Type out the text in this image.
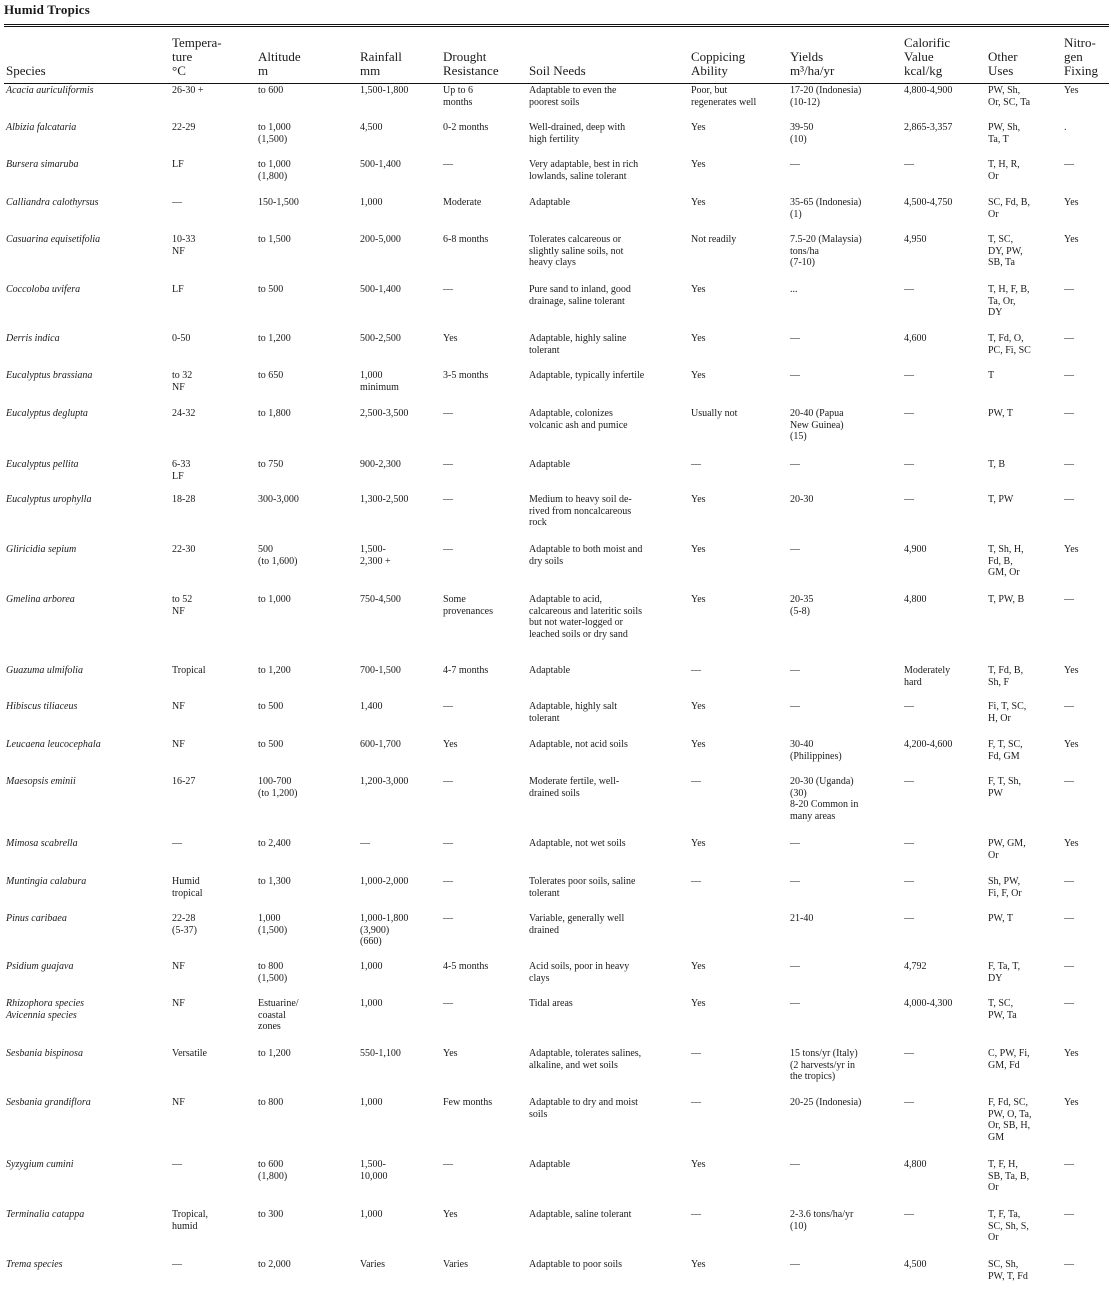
Humid Tropics
Species	Tempera-
ture
°C	Altitude
m	Rainfall
mm	Drought
Resistance	Soil Needs	Coppicing
Ability	Yields
m³/ha/yr	Calorific
Value
kcal/kg	Other
Uses	Nitro-
gen
Fixing
Acacia auriculiformis	26-30 +	to 600	1,500-1,800	Up to 6
months	Adaptable to even the
poorest soils	Poor, but
regenerates well	17-20 (Indonesia)
(10-12)	4,800-4,900	PW, Sh,
Or, SC, Ta	Yes
Albizia falcataria	22-29	to 1,000
(1,500)	4,500	0-2 months	Well-drained, deep with
high fertility	Yes	39-50
(10)	2,865-3,357	PW, Sh,
Ta, T	.
Bursera simaruba	LF	to 1,000
(1,800)	500-1,400	—	Very adaptable, best in rich
lowlands, saline tolerant	Yes	—	—	T, H, R,
Or	—
Calliandra calothyrsus	—	150-1,500	1,000	Moderate	Adaptable	Yes	35-65 (Indonesia)
(1)	4,500-4,750	SC, Fd, B,
Or	Yes
Casuarina equisetifolia	10-33
NF	to 1,500	200-5,000	6-8 months	Tolerates calcareous or
slightly saline soils, not
heavy clays	Not readily	7.5-20 (Malaysia)
tons/ha
(7-10)	4,950	T, SC,
DY, PW,
SB, Ta	Yes
Coccoloba uvifera	LF	to 500	500-1,400	—	Pure sand to inland, good
drainage, saline tolerant	Yes	...	—	T, H, F, B,
Ta, Or,
DY	—
Derris indica	0-50	to 1,200	500-2,500	Yes	Adaptable, highly saline
tolerant	Yes	—	4,600	T, Fd, O,
PC, Fi, SC	—
Eucalyptus brassiana	to 32
NF	to 650	1,000
minimum	3-5 months	Adaptable, typically infertile	Yes	—	—	T	—
Eucalyptus deglupta	24-32	to 1,800	2,500-3,500	—	Adaptable, colonizes
volcanic ash and pumice	Usually not	20-40 (Papua
New Guinea)
(15)	—	PW, T	—
Eucalyptus pellita	6-33
LF	to 750	900-2,300	—	Adaptable	—	—	—	T, B	—
Eucalyptus urophylla	18-28	300-3,000	1,300-2,500	—	Medium to heavy soil de-
rived from noncalcareous
rock	Yes	20-30	—	T, PW	—
Gliricidia sepium	22-30	500
(to 1,600)	1,500-
2,300 +	—	Adaptable to both moist and
dry soils	Yes	—	4,900	T, Sh, H,
Fd, B,
GM, Or	Yes
Gmelina arborea	to 52
NF	to 1,000	750-4,500	Some
provenances	Adaptable to acid,
calcareous and lateritic soils
but not water-logged or
leached soils or dry sand	Yes	20-35
(5-8)	4,800	T, PW, B	—
Guazuma ulmifolia	Tropical	to 1,200	700-1,500	4-7 months	Adaptable	—	—	Moderately
hard	T, Fd, B,
Sh, F	Yes
Hibiscus tiliaceus	NF	to 500	1,400	—	Adaptable, highly salt
tolerant	Yes	—	—	Fi, T, SC,
H, Or	—
Leucaena leucocephala	NF	to 500	600-1,700	Yes	Adaptable, not acid soils	Yes	30-40
(Philippines)	4,200-4,600	F, T, SC,
Fd, GM	Yes
Maesopsis eminii	16-27	100-700
(to 1,200)	1,200-3,000	—	Moderate fertile, well-
drained soils	—	20-30 (Uganda)
(30)
8-20 Common in
many areas	—	F, T, Sh,
PW	—
Mimosa scabrella	—	to 2,400	—	—	Adaptable, not wet soils	Yes	—	—	PW, GM,
Or	Yes
Muntingia calabura	Humid
tropical	to 1,300	1,000-2,000	—	Tolerates poor soils, saline
tolerant	—	—	—	Sh, PW,
Fi, F, Or	—
Pinus caribaea	22-28
(5-37)	1,000
(1,500)	1,000-1,800
(3,900)
(660)	—	Variable, generally well
drained		21-40	—	PW, T	—
Psidium guajava	NF	to 800
(1,500)	1,000	4-5 months	Acid soils, poor in heavy
clays	Yes	—	4,792	F, Ta, T,
DY	—
Rhizophora species
Avicennia species	NF	Estuarine/
coastal
zones	1,000	—	Tidal areas	Yes	—	4,000-4,300	T, SC,
PW, Ta	—
Sesbania bispinosa	Versatile	to 1,200	550-1,100	Yes	Adaptable, tolerates salines,
alkaline, and wet soils	—	15 tons/yr (Italy)
(2 harvests/yr in
the tropics)	—	C, PW, Fi,
GM, Fd	Yes
Sesbania grandiflora	NF	to 800	1,000	Few months	Adaptable to dry and moist
soils	—	20-25 (Indonesia)	—	F, Fd, SC,
PW, O, Ta,
Or, SB, H,
GM	Yes
Syzygium cumini	—	to 600
(1,800)	1,500-
10,000	—	Adaptable	Yes	—	4,800	T, F, H,
SB, Ta, B,
Or	—
Terminalia catappa	Tropical,
humid	to 300	1,000	Yes	Adaptable, saline tolerant	—	2-3.6 tons/ha/yr
(10)	—	T, F, Ta,
SC, Sh, S,
Or	—
Trema species	—	to 2,000	Varies	Varies	Adaptable to poor soils	Yes	—	4,500	SC, Sh,
PW, T, Fd	—
